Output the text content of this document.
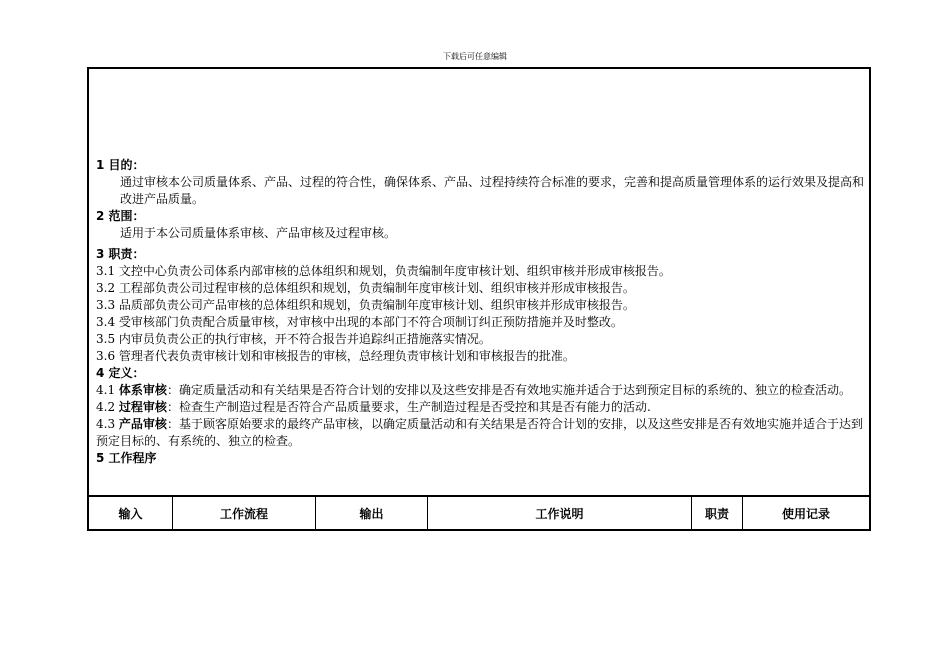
下载后可任意编辑

1 目的：

通过审核本公司质量体系、产品、过程的符合性，确保体系、产品、过程持续符合标准的要求，完善和提高质量管理体系的运行效果及提高和改进产品质量。

2 范围：

适用于本公司质量体系审核、产品审核及过程审核。

3 职责：

3.1 文控中心负责公司体系内部审核的总体组织和规划，负责编制年度审核计划、组织审核并形成审核报告。

3.2 工程部负责公司过程审核的总体组织和规划，负责编制年度审核计划、组织审核并形成审核报告。

3.3 品质部负责公司产品审核的总体组织和规划，负责编制年度审核计划、组织审核并形成审核报告。

3.4 受审核部门负责配合质量审核，对审核中出现的本部门不符合项制订纠正预防措施并及时整改。

3.5 内审员负责公正的执行审核，开不符合报告并追踪纠正措施落实情况。

3.6 管理者代表负责审核计划和审核报告的审核，总经理负责审核计划和审核报告的批准。

4 定义：

4.1 体系审核：确定质量活动和有关结果是否符合计划的安排以及这些安排是否有效地实施并适合于达到预定目标的系统的、独立的检查活动。

4.2 过程审核：检查生产制造过程是否符合产品质量要求，生产制造过程是否受控和其是否有能力的活动.

4.3 产品审核：基于顾客原始要求的最终产品审核，以确定质量活动和有关结果是否符合计划的安排，以及这些安排是否有效地实施并适合于达到预定目标的、有系统的、独立的检查。

5 工作程序

输入	工作流程	输出	工作说明	职责	使用记录
